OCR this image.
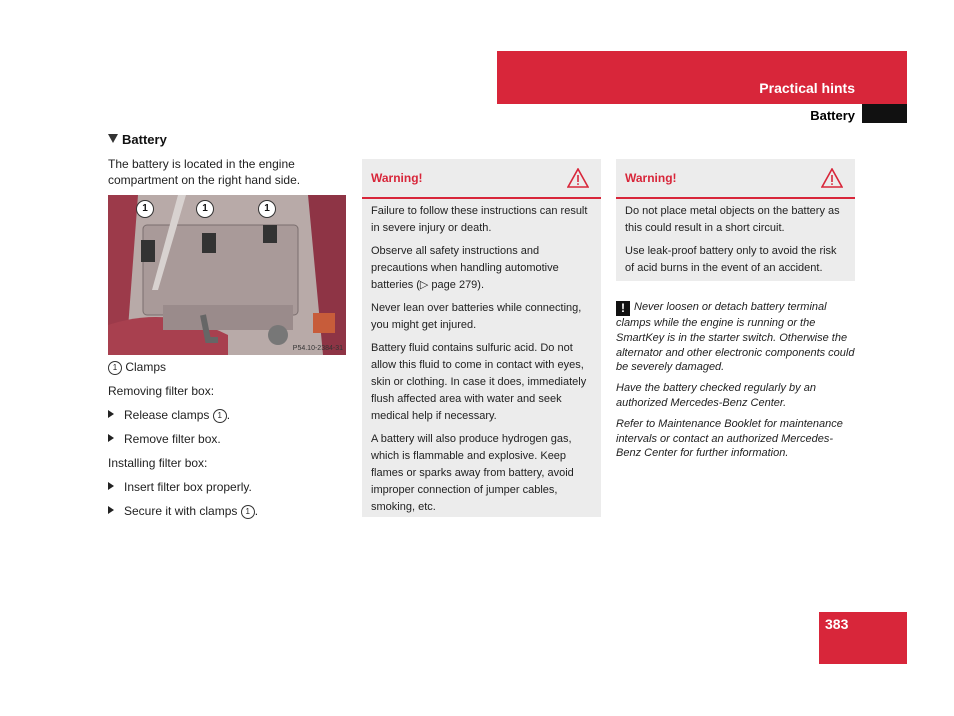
Practical hints
Battery
Battery
The battery is located in the engine compartment on the right hand side.
1	1	1
P54.10-2384-31
1 Clamps
Removing filter box:
Release clamps 1 .
Remove filter box.
Installing filter box:
Insert filter box properly.
Secure it with clamps 1 .
Warning!

Failure to follow these instructions can result in severe injury or death.

Observe all safety instructions and precautions when handling automotive batteries (▷ page 279).

Never lean over batteries while connecting, you might get injured.

Battery fluid contains sulfuric acid. Do not allow this fluid to come in contact with eyes, skin or clothing. In case it does, immediately flush affected area with water and seek medical help if necessary.

A battery will also produce hydrogen gas, which is flammable and explosive. Keep flames or sparks away from battery, avoid improper connection of jumper cables, smoking, etc.

Warning!

Do not place metal objects on the battery as this could result in a short circuit.

Use leak-proof battery only to avoid the risk of acid burns in the event of an accident.

! Never loosen or detach battery terminal clamps while the engine is running or the SmartKey is in the starter switch. Otherwise the alternator and other electronic components could be severely damaged.

Have the battery checked regularly by an authorized Mercedes-Benz Center.

Refer to Maintenance Booklet for maintenance intervals or contact an authorized Mercedes-Benz Center for further information.

383
